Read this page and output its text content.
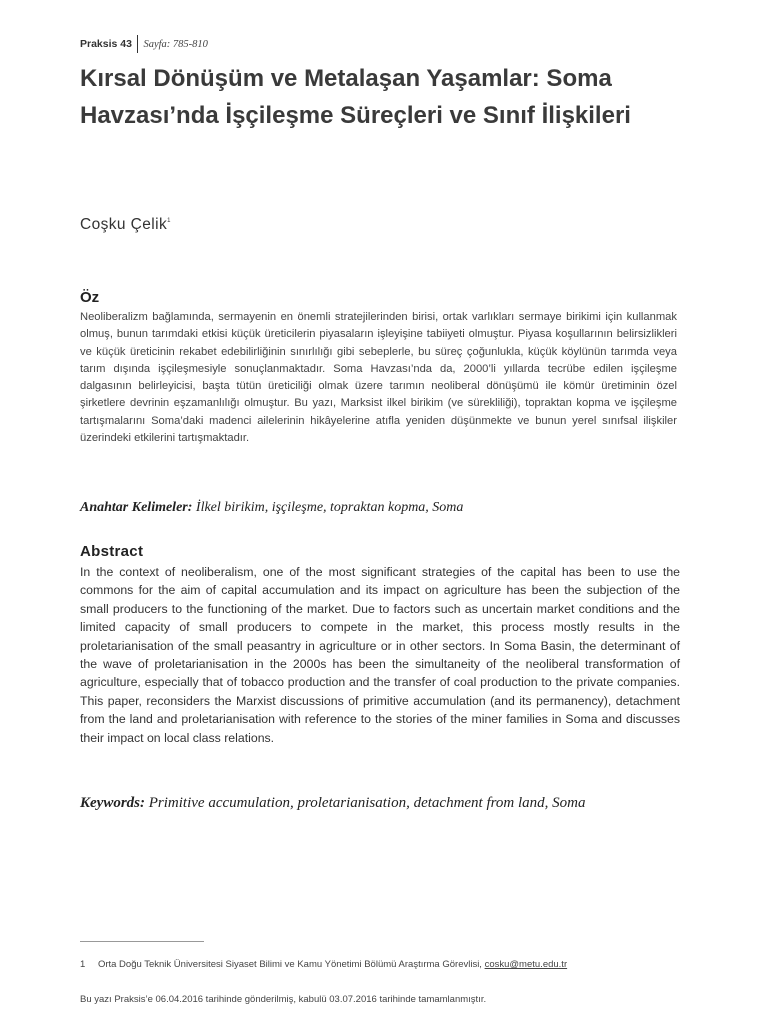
Praksis 43 Sayfa: 785-810
Kırsal Dönüşüm ve Metalaşan Yaşamlar: Soma Havzası’nda İşçileşme Süreçleri ve Sınıf İlişkileri
Coşku Çelik$^1$
Öz

Neoliberalizm bağlamında, sermayenin en önemli stratejilerinden birisi, ortak varlıkları sermaye birikimi için kullanmak olmuş, bunun tarımdaki etkisi küçük üreticilerin piyasaların işleyişine tabiiyeti olmuştur. Piyasa koşullarının belirsizlikleri ve küçük üreticinin rekabet edebilirliğinin sınırlılığı gibi sebeplerle, bu süreç çoğunlukla, küçük köylünün tarımda veya tarım dışında işçileşmesiyle sonuçlanmaktadır. Soma Havzası’nda da, 2000’li yıllarda tecrübe edilen işçileşme dalgasının belirleyicisi, başta tütün üreticiliği olmak üzere tarımın neoliberal dönüşümü ile kömür üretiminin özel şirketlere devrinin eşzamanlılığı olmuştur. Bu yazı, Marksist ilkel birikim (ve sürekliliği), topraktan kopma ve işçileşme tartışmalarını Soma’daki madenci ailelerinin hikâyelerine atıfla yeniden düşünmekte ve bunun yerel sınıfsal ilişkiler üzerindeki etkilerini tartışmaktadır.

Anahtar Kelimeler: İlkel birikim, işçileşme, topraktan kopma, Soma
Abstract

In the context of neoliberalism, one of the most significant strategies of the capital has been to use the commons for the aim of capital accumulation and its impact on agriculture has been the subjection of the small producers to the functioning of the market. Due to factors such as uncertain market conditions and the limited capacity of small producers to compete in the market, this process mostly results in the proletarianisation of the small peasantry in agriculture or in other sectors. In Soma Basin, the determinant of the wave of proletarianisation in the 2000s has been the simultaneity of the neoliberal transformation of agriculture, especially that of tobacco production and the transfer of coal production to the private companies. This paper, reconsiders the Marxist discussions of primitive accumulation (and its permanency), detachment from the land and proletarianisation with reference to the stories of the miner families in Soma and discusses their impact on local class relations.

Keywords: Primitive accumulation, proletarianisation, detachment from land, Soma
1 Orta Doğu Teknik Üniversitesi Siyaset Bilimi ve Kamu Yönetimi Bölümü Araştırma Görevlisi, cosku@metu.edu.tr
Bu yazı Praksis’e 06.04.2016 tarihinde gönderilmiş, kabulü 03.07.2016 tarihinde tamamlanmıştır.
